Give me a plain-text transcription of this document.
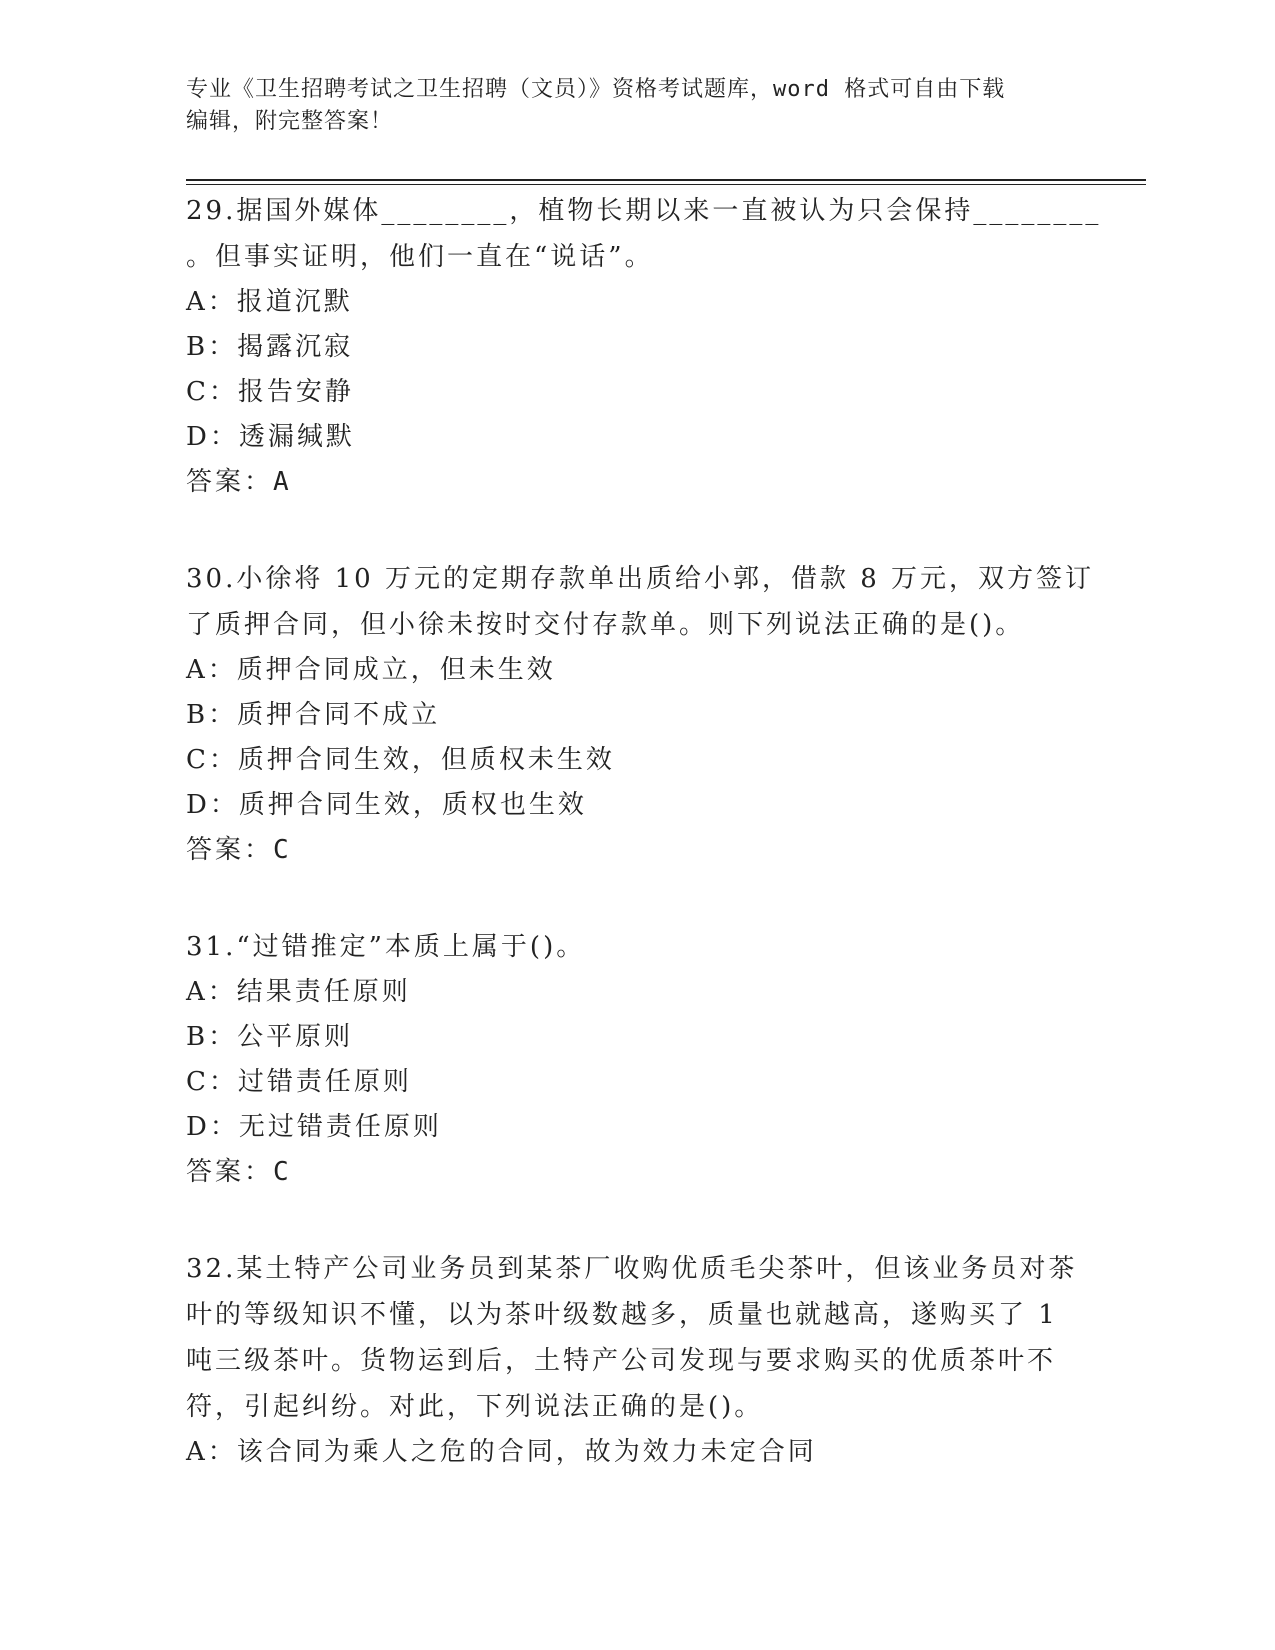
专业《卫生招聘考试之卫生招聘（文员）》资格考试题库，word 格式可自由下载
编辑，附完整答案！
29.据国外媒体________，植物长期以来一直被认为只会保持________
。但事实证明，他们一直在“说话”。
A：报道沉默
B：揭露沉寂
C：报告安静
D：透漏缄默
答案：A
30.小徐将 10 万元的定期存款单出质给小郭，借款 8 万元，双方签订
了质押合同，但小徐未按时交付存款单。则下列说法正确的是()。
A：质押合同成立，但未生效
B：质押合同不成立
C：质押合同生效，但质权未生效
D：质押合同生效，质权也生效
答案：C
31.“过错推定”本质上属于()。
A：结果责任原则
B：公平原则
C：过错责任原则
D：无过错责任原则
答案：C
32.某土特产公司业务员到某茶厂收购优质毛尖茶叶，但该业务员对茶
叶的等级知识不懂，以为茶叶级数越多，质量也就越高，遂购买了 1
吨三级茶叶。货物运到后，土特产公司发现与要求购买的优质茶叶不
符，引起纠纷。对此，下列说法正确的是()。
A：该合同为乘人之危的合同，故为效力未定合同
